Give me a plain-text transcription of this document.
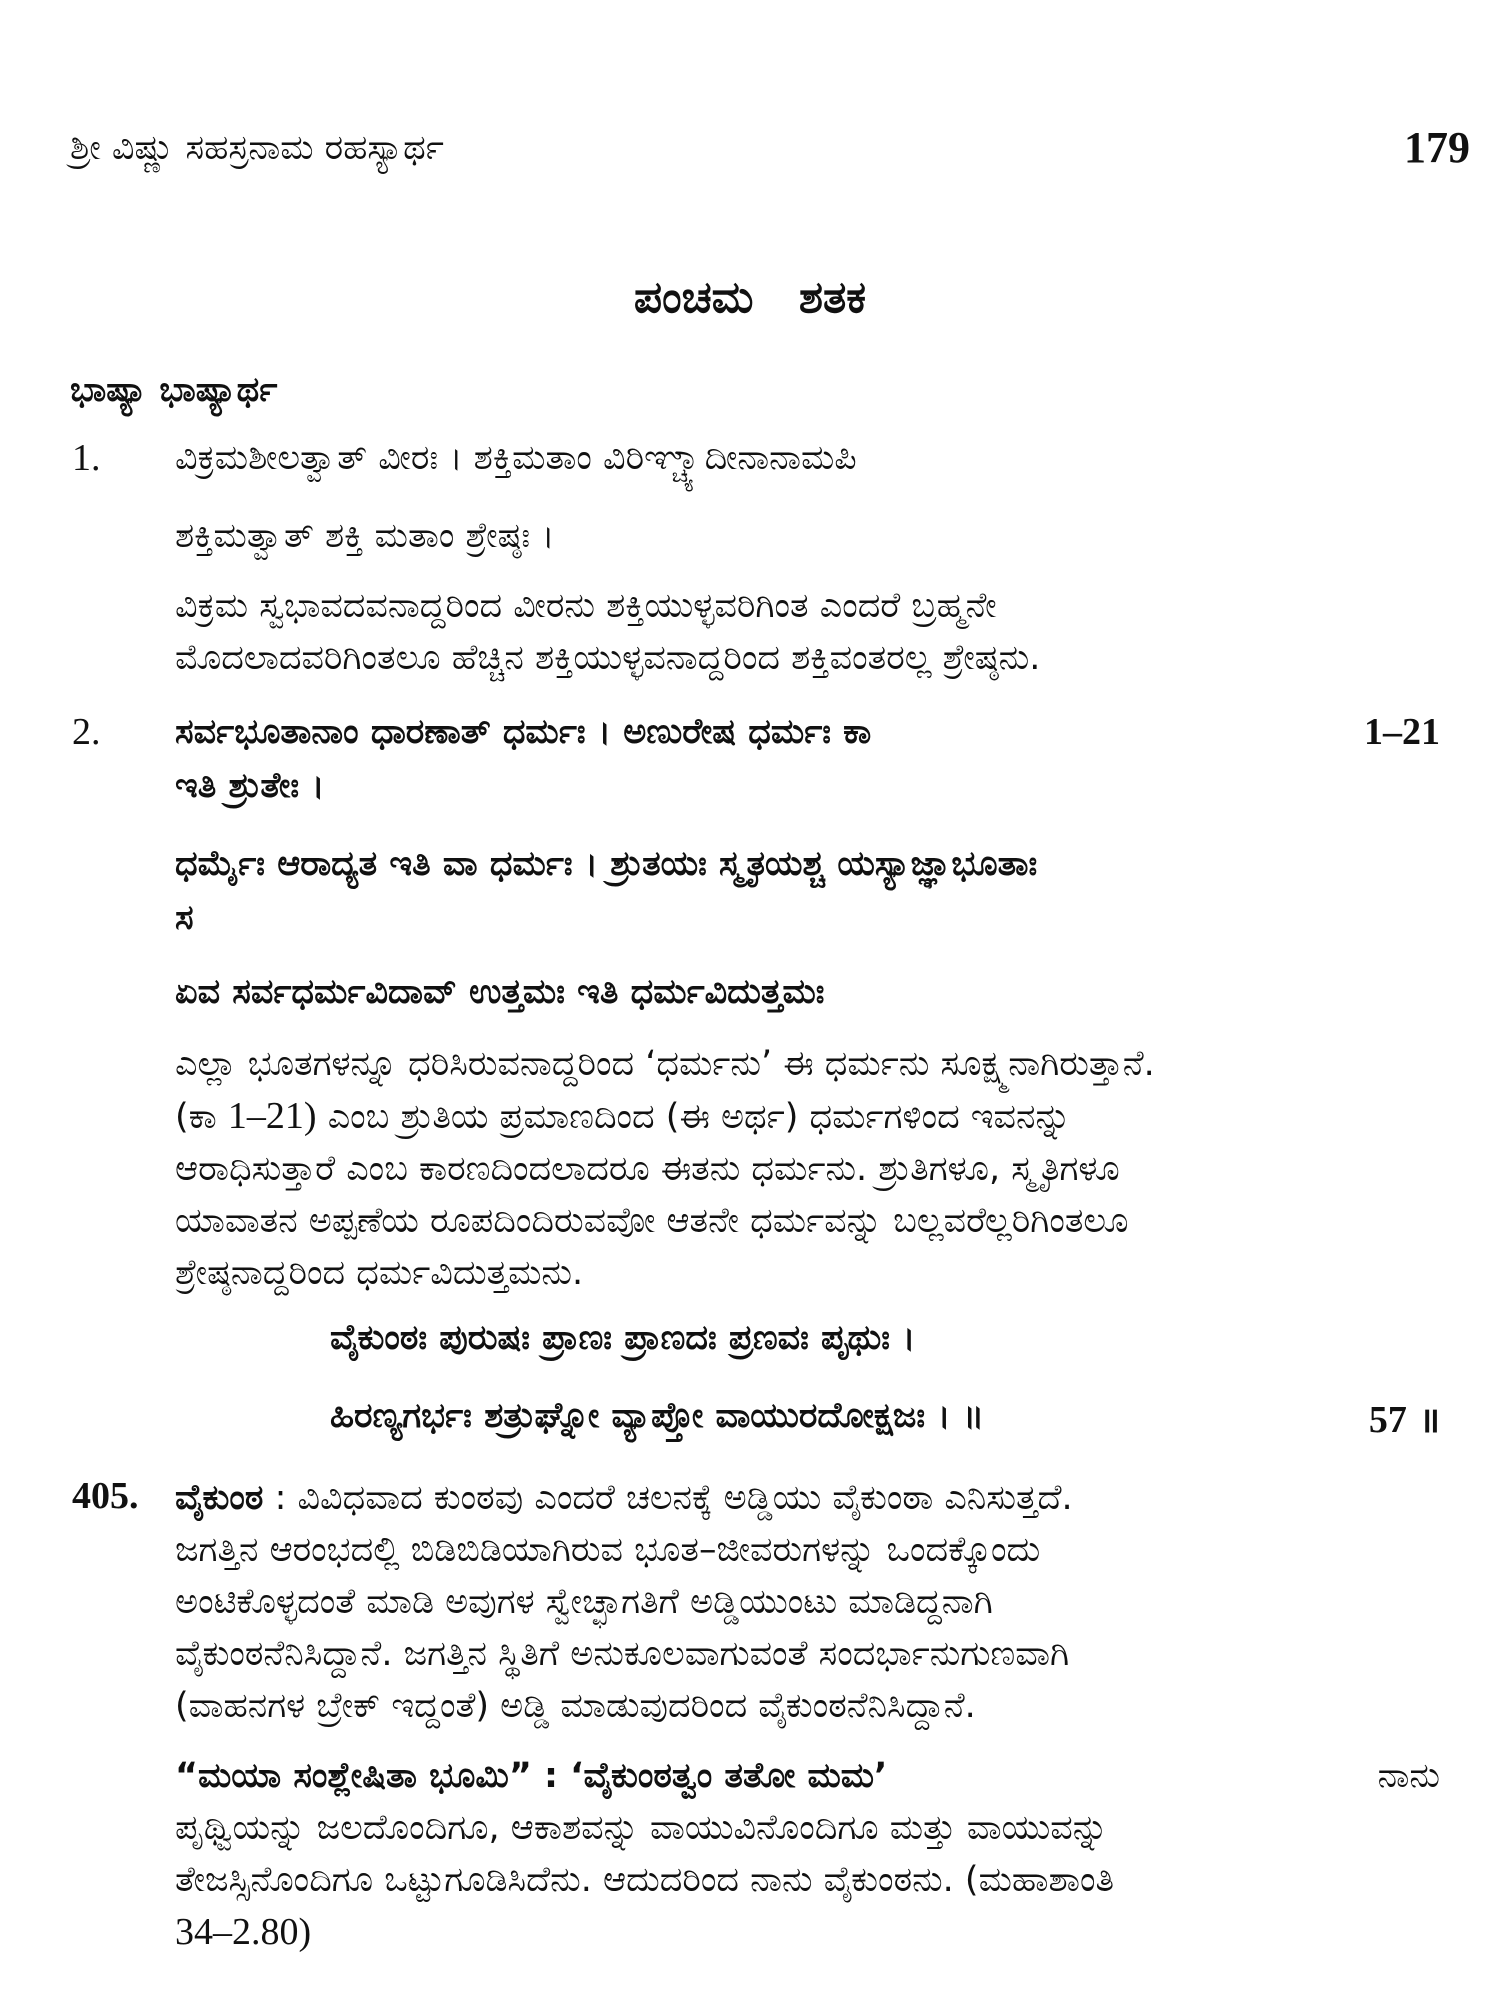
ಶ್ರೀ ವಿಷ್ಣು ಸಹಸ್ರನಾಮ ರಹಸ್ಯಾರ್ಥ	179
ಪಂಚಮ ಶತಕ
ಭಾಷ್ಯಾ ಭಾಷ್ಯಾರ್ಥ
1. ವಿಕ್ರಮಶೀಲತ್ವಾತ್ ವೀರಃ । ಶಕ್ತಿಮತಾಂ ವಿರಿಞ್ಚ್ಯಾದೀನಾನಾಮಪಿ
ಶಕ್ತಿಮತ್ವಾತ್ ಶಕ್ತಿ ಮತಾಂ ಶ್ರೇಷ್ಠಃ ।
ವಿಕ್ರಮ ಸ್ವಭಾವದವನಾದ್ದರಿಂದ ವೀರನು ಶಕ್ತಿಯುಳ್ಳವರಿಗಿಂತ ಎಂದರೆ ಬ್ರಹ್ಮನೇ
ಮೊದಲಾದವರಿಗಿಂತಲೂ ಹೆಚ್ಚಿನ ಶಕ್ತಿಯುಳ್ಳವನಾದ್ದರಿಂದ ಶಕ್ತಿವಂತರಲ್ಲ ಶ್ರೇಷ್ಠನು.
2. ಸರ್ವಭೂತಾನಾಂ ಧಾರಣಾತ್ ಧರ್ಮಃ । ಅಣುರೇಷ ಧರ್ಮಃ ಕಾ	1–21
ಇತಿ ಶ್ರುತೇಃ ।
ಧರ್ಮೈಃ ಆರಾದ್ಯತ ಇತಿ ವಾ ಧರ್ಮಃ । ಶ್ರುತಯಃ ಸ್ಮೃತಯಶ್ಚ ಯಸ್ಯಾಜ್ಞಾಭೂತಾಃ
ಸ
ಏವ ಸರ್ವಧರ್ಮವಿದಾವ್ ಉತ್ತಮಃ ಇತಿ ಧರ್ಮವಿದುತ್ತಮಃ
ಎಲ್ಲಾ ಭೂತಗಳನ್ನೂ ಧರಿಸಿರುವನಾದ್ದರಿಂದ ‘ಧರ್ಮನು’ ಈ ಧರ್ಮನು ಸೂಕ್ಷ್ಮನಾಗಿರುತ್ತಾನೆ.
(ಕಾ 1–21) ಎಂಬ ಶ್ರುತಿಯ ಪ್ರಮಾಣದಿಂದ (ಈ ಅರ್ಥ) ಧರ್ಮಗಳಿಂದ ಇವನನ್ನು
ಆರಾಧಿಸುತ್ತಾರೆ ಎಂಬ ಕಾರಣದಿಂದಲಾದರೂ ಈತನು ಧರ್ಮನು. ಶ್ರುತಿಗಳೂ, ಸ್ಮೃತಿಗಳೂ
ಯಾವಾತನ ಅಪ್ಪಣೆಯ ರೂಪದಿಂದಿರುವವೋ ಆತನೇ ಧರ್ಮವನ್ನು ಬಲ್ಲವರೆಲ್ಲರಿಗಿಂತಲೂ
ಶ್ರೇಷ್ಠನಾದ್ದರಿಂದ ಧರ್ಮವಿದುತ್ತಮನು.
ವೈಕುಂಠಃ ಪುರುಷಃ ಪ್ರಾಣಃ ಪ್ರಾಣದಃ ಪ್ರಣವಃ ಪೃಥುಃ ।
ಹಿರಣ್ಯಗರ್ಭಃ ಶತ್ರುಘ್ನೋ ವ್ಯಾಪ್ತೋ ವಾಯುರದೋಕ್ಷಜಃ । ॥	57 ॥
405. ವೈಕುಂಠ : ವಿವಿಧವಾದ ಕುಂಠವು ಎಂದರೆ ಚಲನಕ್ಕೆ ಅಡ್ಡಿಯು ವೈಕುಂಠಾ ಎನಿಸುತ್ತದೆ.
ಜಗತ್ತಿನ ಆರಂಭದಲ್ಲಿ ಬಿಡಿಬಿಡಿಯಾಗಿರುವ ಭೂತ–ಜೀವರುಗಳನ್ನು ಒಂದಕ್ಕೊಂದು
ಅಂಟಿಕೊಳ್ಳದಂತೆ ಮಾಡಿ ಅವುಗಳ ಸ್ವೇಚ್ಛಾಗತಿಗೆ ಅಡ್ಡಿಯುಂಟು ಮಾಡಿದ್ದನಾಗಿ
ವೈಕುಂಠನೆನಿಸಿದ್ದಾನೆ. ಜಗತ್ತಿನ ಸ್ಥಿತಿಗೆ ಅನುಕೂಲವಾಗುವಂತೆ ಸಂದರ್ಭಾನುಗುಣವಾಗಿ
(ವಾಹನಗಳ ಬ್ರೇಕ್ ಇದ್ದಂತೆ) ಅಡ್ಡಿ ಮಾಡುವುದರಿಂದ ವೈಕುಂಠನೆನಿಸಿದ್ದಾನೆ.
“ಮಯಾ ಸಂಶ್ಲೇಷಿತಾ ಭೂಮಿ” : ‘ವೈಕುಂಠತ್ವಂ ತತೋ ಮಮ’	ನಾನು
ಪೃಥ್ವಿಯನ್ನು ಜಲದೊಂದಿಗೂ, ಆಕಾಶವನ್ನು ವಾಯುವಿನೊಂದಿಗೂ ಮತ್ತು ವಾಯುವನ್ನು
ತೇಜಸ್ಸಿನೊಂದಿಗೂ ಒಟ್ಟುಗೂಡಿಸಿದೆನು. ಆದುದರಿಂದ ನಾನು ವೈಕುಂಠನು. (ಮಹಾಶಾಂತಿ
34–2.80)
